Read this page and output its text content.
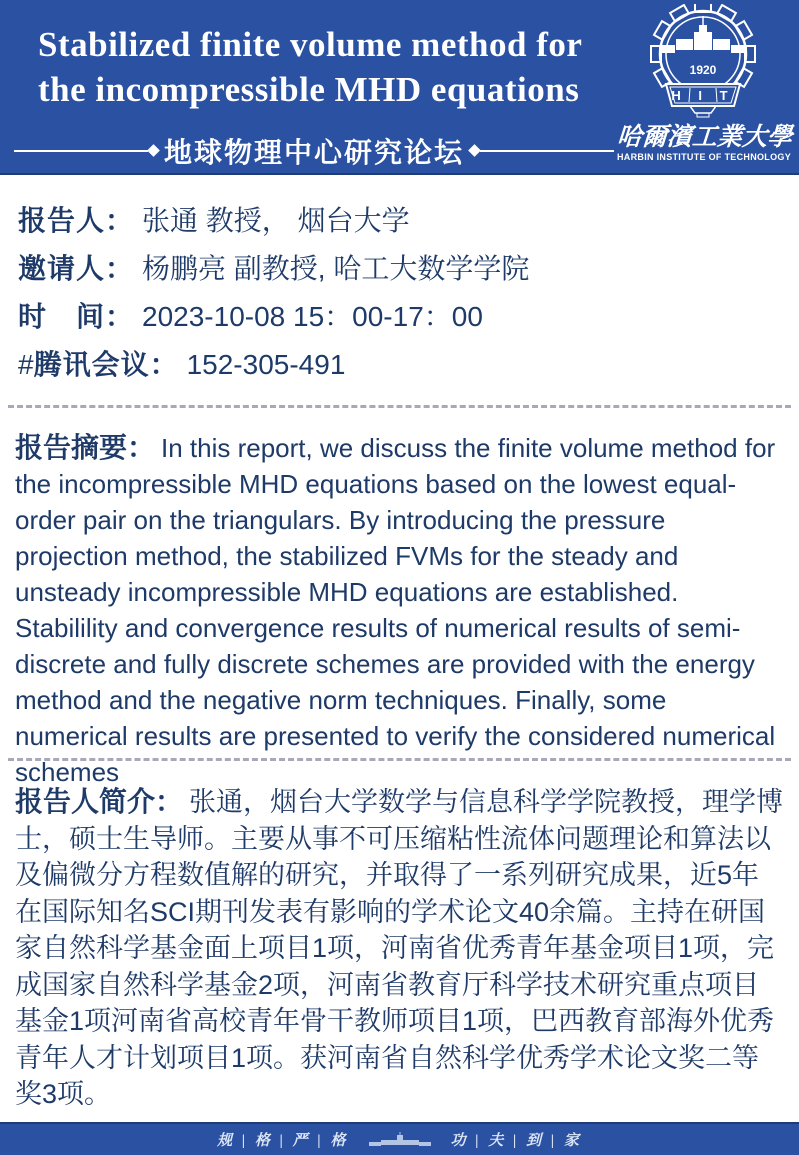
Stabilized finite volume method for
the incompressible MHD equations
地球物理中心研究论坛
1920
H I T
哈爾濱工業大學
HARBIN INSTITUTE OF TECHNOLOGY
报告人： 张通 教授， 烟台大学
邀请人： 杨鹏亮 副教授, 哈工大数学学院
时　间： 2023-10-08 15：00-17：00
#腾讯会议： 152-305-491

报告摘要： In this report, we discuss the finite volume method for the incompressible MHD equations based on the lowest equal-order pair on the triangulars. By introducing the pressure projection method, the stabilized FVMs for the steady and unsteady incompressible MHD equations are established. Stabilility and convergence results of numerical results of semi-discrete and fully discrete schemes are provided with the energy method and the negative norm techniques. Finally, some numerical results are presented to verify the considered numerical schemes

报告人简介： 张通，烟台大学数学与信息科学学院教授，理学博士，硕士生导师。主要从事不可压缩粘性流体问题理论和算法以及偏微分方程数值解的研究，并取得了一系列研究成果，近5年在国际知名SCI期刊发表有影响的学术论文40余篇。主持在研国家自然科学基金面上项目1项，河南省优秀青年基金项目1项，完成国家自然科学基金2项，河南省教育厅科学技术研究重点项目基金1项河南省高校青年骨干教师项目1项，巴西教育部海外优秀青年人才计划项目1项。获河南省自然科学优秀学术论文奖二等奖3项。

规 | 格 | 严 | 格	功 | 夫 | 到 | 家
